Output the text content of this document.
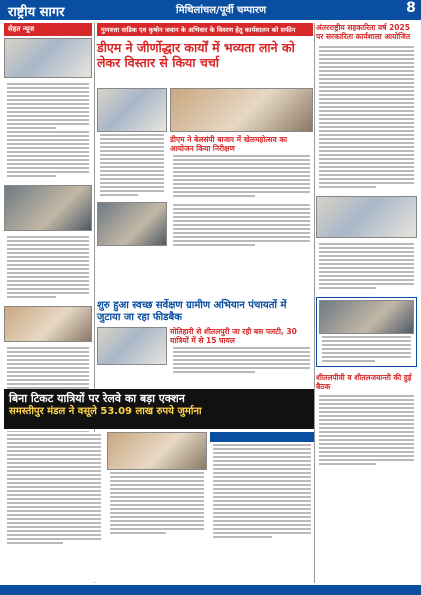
राष्ट्रीय सागर	मिथिलांचल/पूर्वी चम्पारण	8
सेहत न्यूज	गुणवत्ता वाडिक एव कृषोन जवान के अभिवार के विवरण हेतु कार्यशालन को सफीन
डीएम ने जीर्णोद्धार कार्यों में भव्यता लाने को लेकर विस्तार से किया चर्चा
अंतरराष्ट्रीय सहकारिता वर्ष 2025 पर सरकारिता कार्यशाला आयोजित
शीतलपीवी व शीतलजयान्ती की हुई बैठक
डीएम ने बेलसंपी बाजार में खेलमहोत्सव का आयोजन किया निरीक्षण
शुरु हुआ स्वच्छ सर्वेक्षण ग्रामीण अभियान पंचायतों में जुटाया जा रहा फीडबैक
मोतिहारी से शीतलपुरी जा रही बस पलटी, 30 यात्रियों में से 15 घायल
बिना टिकट यात्रियों पर रेलवे का बड़ा एक्शन
समस्तीपुर मंडल ने वसूले 53.09 लाख रुपये जुर्माना
